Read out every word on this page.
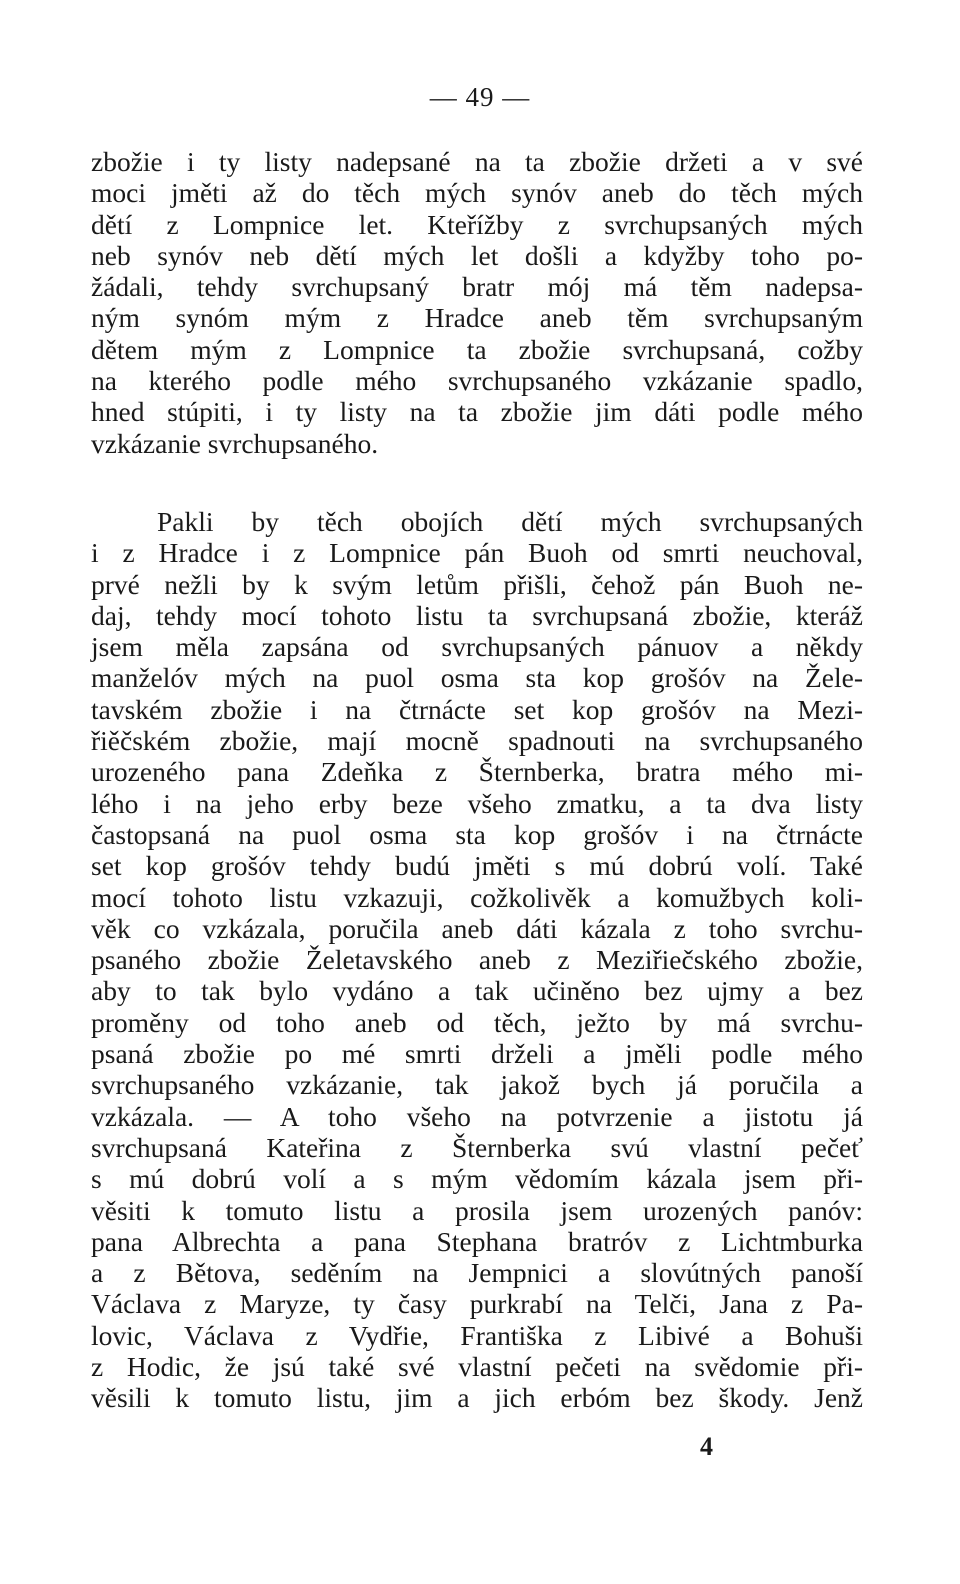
— 49 —
zbožie i ty listy nadepsané na ta zbožie držeti a v své
moci jměti až do těch mých synóv aneb do těch mých
dětí z Lompnice let. Kteřížby z svrchupsaných mých
neb synóv neb dětí mých let došli a kdyžby toho po-
žádali, tehdy svrchupsaný bratr mój má těm nadepsa-
ným synóm mým z Hradce aneb těm svrchupsaným
dětem mým z Lompnice ta zbožie svrchupsaná, cožby
na kterého podle mého svrchupsaného vzkázanie spadlo,
hned stúpiti, i ty listy na ta zbožie jim dáti podle mého
vzkázanie svrchupsaného.
Pakli by těch obojích dětí mých svrchupsaných
i z Hradce i z Lompnice pán Buoh od smrti neuchoval,
prvé nežli by k svým letům přišli, čehož pán Buoh ne-
daj, tehdy mocí tohoto listu ta svrchupsaná zbožie, kteráž
jsem měla zapsána od svrchupsaných pánuov a někdy
manželóv mých na puol osma sta kop grošóv na Žele-
tavském zbožie i na čtrnácte set kop grošóv na Mezi-
řiěčském zbožie, mají mocně spadnouti na svrchupsaného
urozeného pana Zdeňka z Šternberka, bratra mého mi-
lého i na jeho erby beze všeho zmatku, a ta dva listy
častopsaná na puol osma sta kop grošóv i na čtrnácte
set kop grošóv tehdy budú jměti s mú dobrú volí. Také
mocí tohoto listu vzkazuji, cožkolivěk a komužbych koli-
věk co vzkázala, poručila aneb dáti kázala z toho svrchu-
psaného zbožie Želetavského aneb z Meziřiečského zbožie,
aby to tak bylo vydáno a tak učiněno bez ujmy a bez
proměny od toho aneb od těch, ježto by má svrchu-
psaná zbožie po mé smrti drželi a jměli podle mého
svrchupsaného vzkázanie, tak jakož bych já poručila a
vzkázala. — A toho všeho na potvrzenie a jistotu já
svrchupsaná Kateřina z Šternberka svú vlastní pečeť
s mú dobrú volí a s mým vědomím kázala jsem při-
věsiti k tomuto listu a prosila jsem urozených panóv:
pana Albrechta a pana Stephana bratróv z Lichtmburka
a z Bětova, seděním na Jempnici a slovútných panoší
Václava z Maryze, ty časy purkrabí na Telči, Jana z Pa-
lovic, Václava z Vydřie, Františka z Libivé a Bohuši
z Hodic, že jsú také své vlastní pečeti na svědomie při-
věsili k tomuto listu, jim a jich erbóm bez škody. Jenž
4
